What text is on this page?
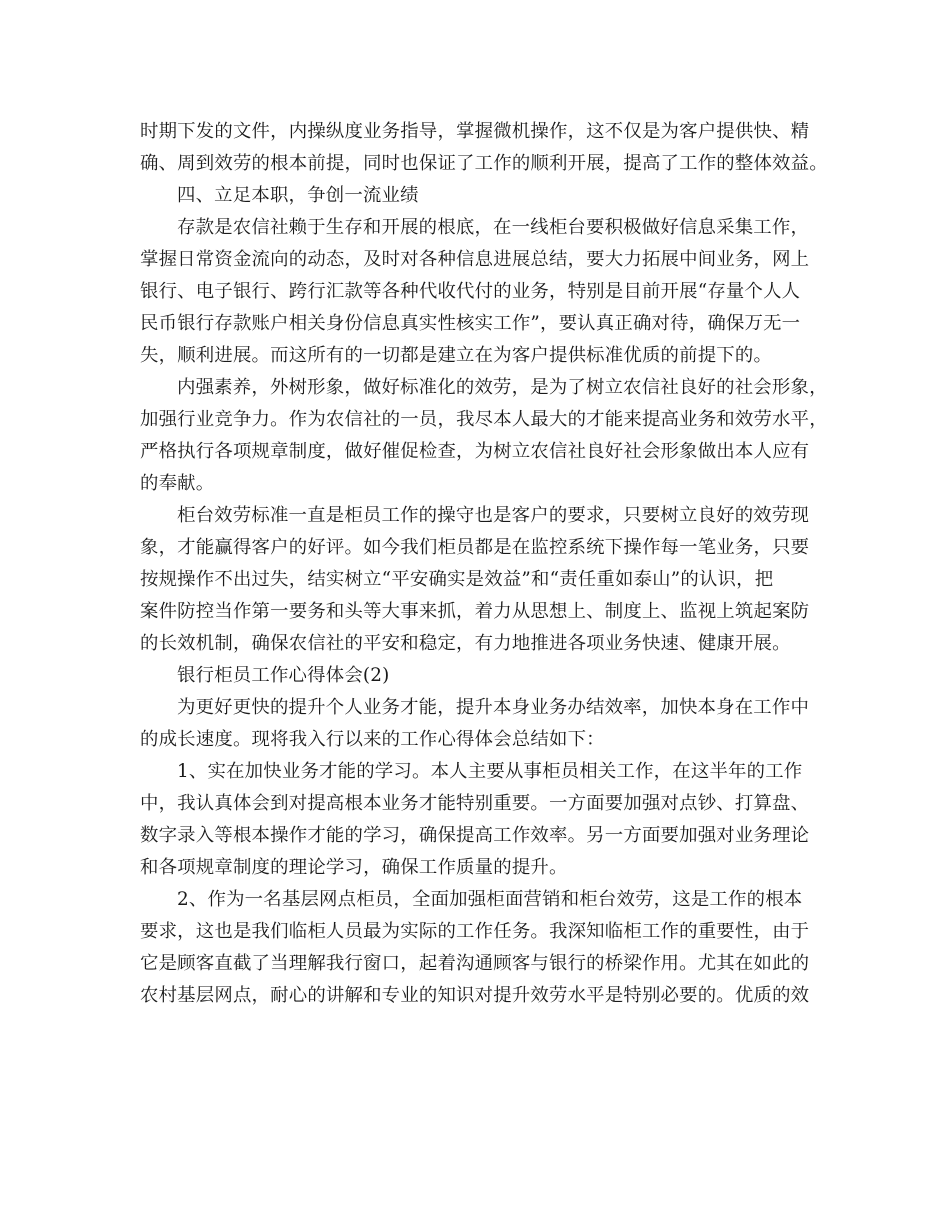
时期下发的文件，内操纵度业务指导，掌握微机操作，这不仅是为客户提供快、精
确、周到效劳的根本前提，同时也保证了工作的顺利开展，提高了工作的整体效益。
四、立足本职，争创一流业绩
存款是农信社赖于生存和开展的根底，在一线柜台要积极做好信息采集工作，
掌握日常资金流向的动态，及时对各种信息进展总结，要大力拓展中间业务，网上
银行、电子银行、跨行汇款等各种代收代付的业务，特别是目前开展“存量个人人
民币银行存款账户相关身份信息真实性核实工作”，要认真正确对待，确保万无一
失，顺利进展。而这所有的一切都是建立在为客户提供标准优质的前提下的。
内强素养，外树形象，做好标准化的效劳，是为了树立农信社良好的社会形象，
加强行业竞争力。作为农信社的一员，我尽本人最大的才能来提高业务和效劳水平，
严格执行各项规章制度，做好催促检查，为树立农信社良好社会形象做出本人应有
的奉献。
柜台效劳标准一直是柜员工作的操守也是客户的要求，只要树立良好的效劳现
象，才能赢得客户的好评。如今我们柜员都是在监控系统下操作每一笔业务，只要
按规操作不出过失，结实树立“平安确实是效益”和“责任重如泰山”的认识，把
案件防控当作第一要务和头等大事来抓，着力从思想上、制度上、监视上筑起案防
的长效机制，确保农信社的平安和稳定，有力地推进各项业务快速、健康开展。
银行柜员工作心得体会(2)
为更好更快的提升个人业务才能，提升本身业务办结效率，加快本身在工作中
的成长速度。现将我入行以来的工作心得体会总结如下：
1、实在加快业务才能的学习。本人主要从事柜员相关工作，在这半年的工作
中，我认真体会到对提高根本业务才能特别重要。一方面要加强对点钞、打算盘、
数字录入等根本操作才能的学习，确保提高工作效率。另一方面要加强对业务理论
和各项规章制度的理论学习，确保工作质量的提升。
2、作为一名基层网点柜员，全面加强柜面营销和柜台效劳，这是工作的根本
要求，这也是我们临柜人员最为实际的工作任务。我深知临柜工作的重要性，由于
它是顾客直截了当理解我行窗口，起着沟通顾客与银行的桥梁作用。尤其在如此的
农村基层网点，耐心的讲解和专业的知识对提升效劳水平是特别必要的。优质的效
